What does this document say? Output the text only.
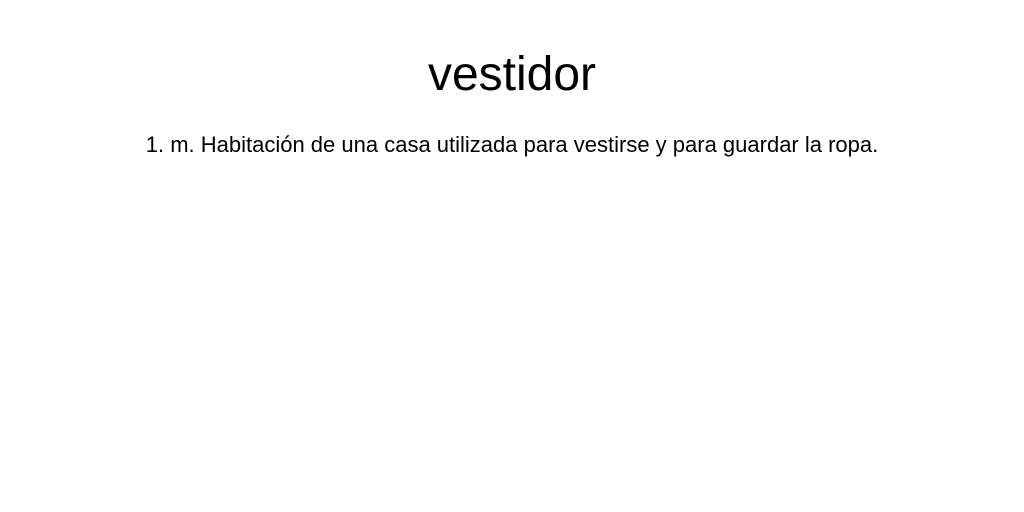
vestidor

1. m. Habitación de una casa utilizada para vestirse y para guardar la ropa.
